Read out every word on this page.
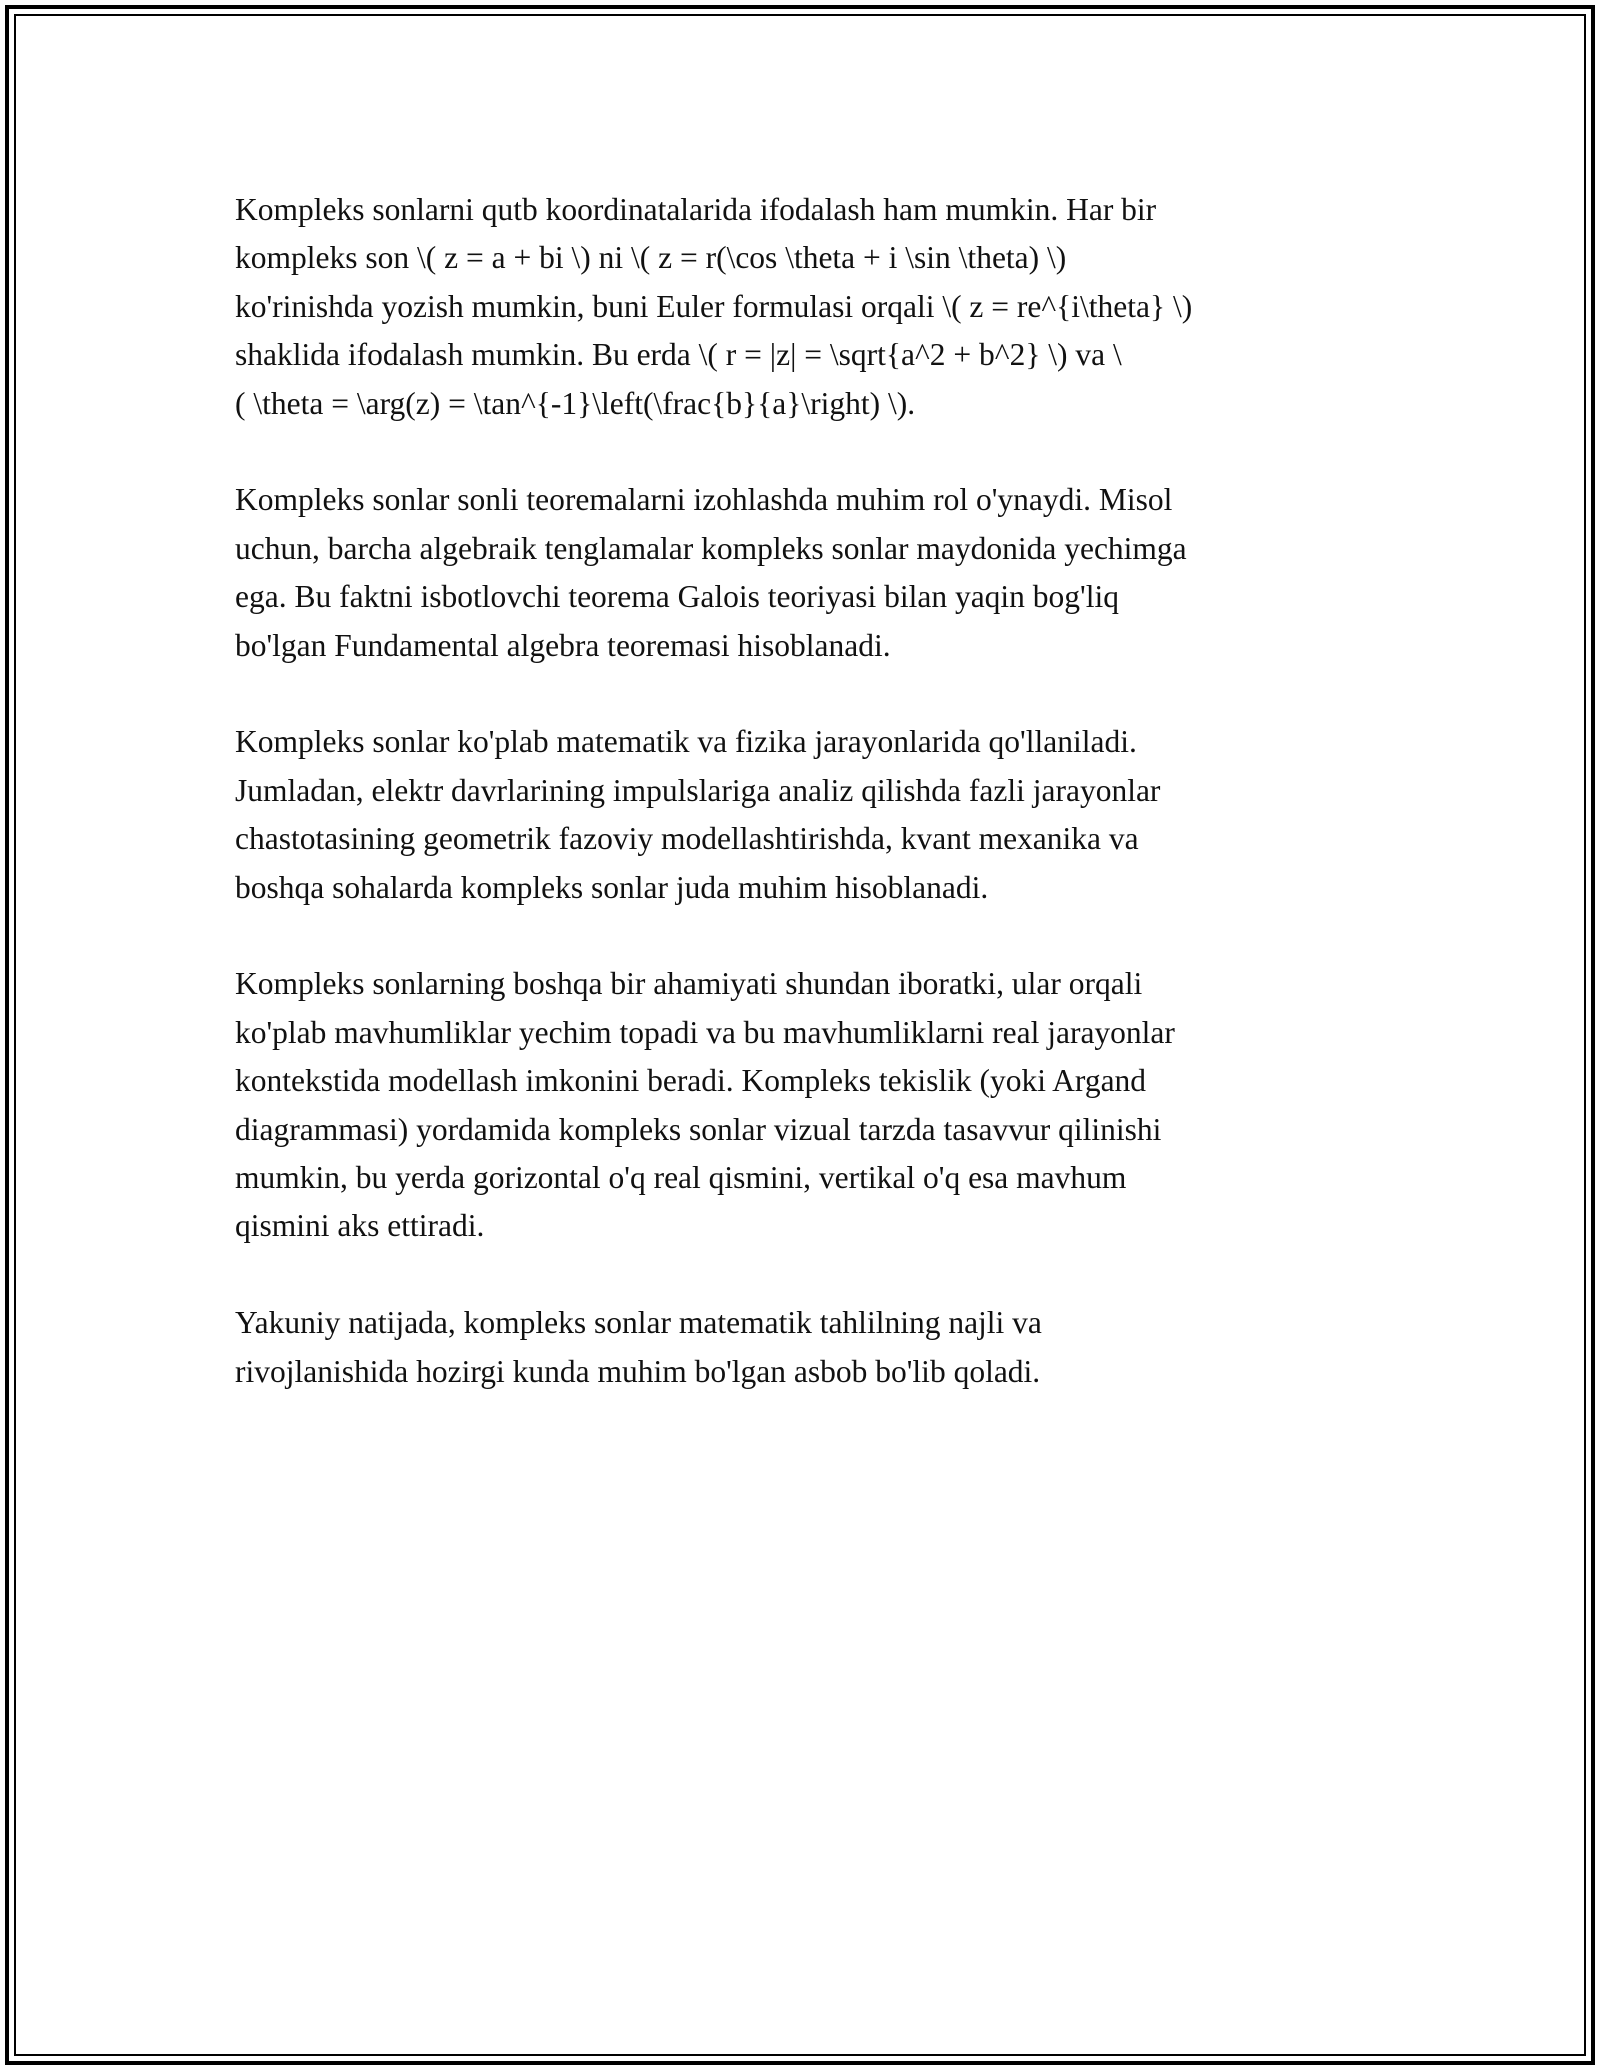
Kompleks sonlarni qutb koordinatalarida ifodalash ham mumkin. Har bir
kompleks son \( z = a + bi \) ni \( z = r(\cos \theta + i \sin \theta) \)
ko'rinishda yozish mumkin, buni Euler formulasi orqali \( z = re^{i\theta} \)
shaklida ifodalash mumkin. Bu erda \( r = |z| = \sqrt{a^2 + b^2} \) va \
( \theta = \arg(z) = \tan^{-1}\left(\frac{b}{a}\right) \).

Kompleks sonlar sonli teoremalarni izohlashda muhim rol o'ynaydi. Misol
uchun, barcha algebraik tenglamalar kompleks sonlar maydonida yechimga
ega. Bu faktni isbotlovchi teorema Galois teoriyasi bilan yaqin bog'liq
bo'lgan Fundamental algebra teoremasi hisoblanadi.

Kompleks sonlar ko'plab matematik va fizika jarayonlarida qo'llaniladi.
Jumladan, elektr davrlarining impulslariga analiz qilishda fazli jarayonlar
chastotasining geometrik fazoviy modellashtirishda, kvant mexanika va
boshqa sohalarda kompleks sonlar juda muhim hisoblanadi.

Kompleks sonlarning boshqa bir ahamiyati shundan iboratki, ular orqali
ko'plab mavhumliklar yechim topadi va bu mavhumliklarni real jarayonlar
kontekstida modellash imkonini beradi. Kompleks tekislik (yoki Argand
diagrammasi) yordamida kompleks sonlar vizual tarzda tasavvur qilinishi
mumkin, bu yerda gorizontal o'q real qismini, vertikal o'q esa mavhum
qismini aks ettiradi.

Yakuniy natijada, kompleks sonlar matematik tahlilning najli va
rivojlanishida hozirgi kunda muhim bo'lgan asbob bo'lib qoladi.
